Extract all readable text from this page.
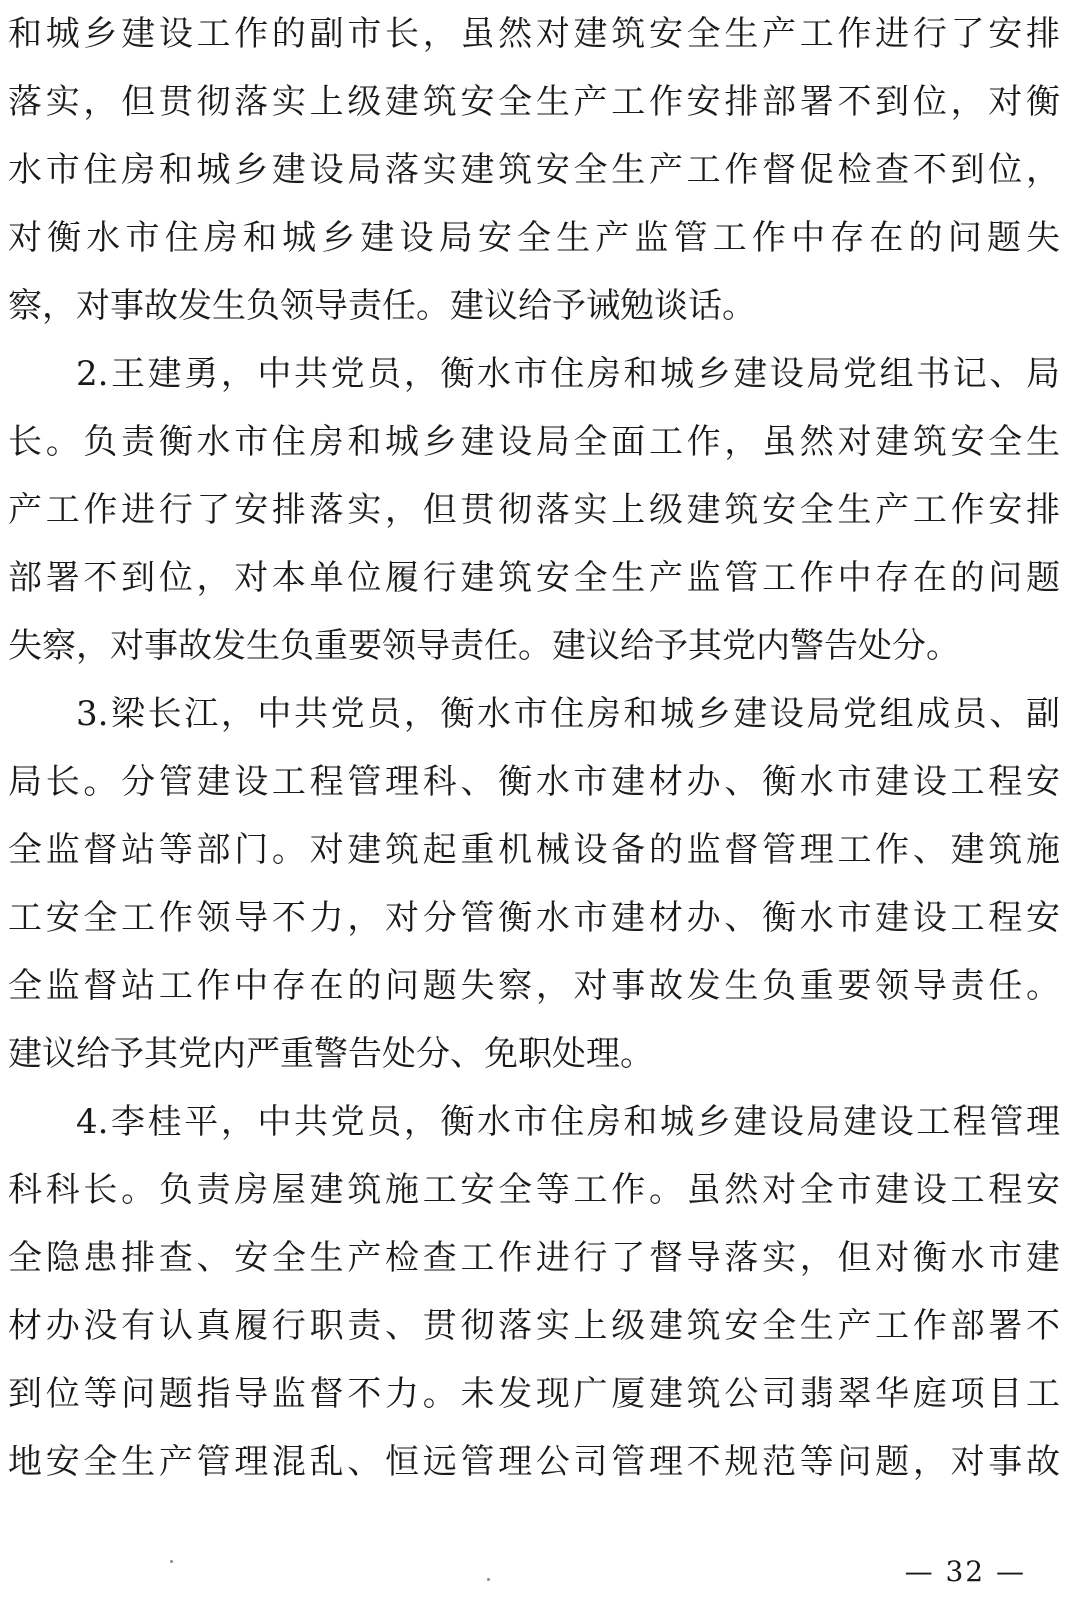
和城乡建设工作的副市长，虽然对建筑安全生产工作进行了安排
落实，但贯彻落实上级建筑安全生产工作安排部署不到位，对衡
水市住房和城乡建设局落实建筑安全生产工作督促检查不到位，
对衡水市住房和城乡建设局安全生产监管工作中存在的问题失
察，对事故发生负领导责任。建议给予诫勉谈话。
2.王建勇，中共党员，衡水市住房和城乡建设局党组书记、局
长。负责衡水市住房和城乡建设局全面工作，虽然对建筑安全生
产工作进行了安排落实，但贯彻落实上级建筑安全生产工作安排
部署不到位，对本单位履行建筑安全生产监管工作中存在的问题
失察，对事故发生负重要领导责任。建议给予其党内警告处分。
3.梁长江，中共党员，衡水市住房和城乡建设局党组成员、副
局长。分管建设工程管理科、衡水市建材办、衡水市建设工程安
全监督站等部门。对建筑起重机械设备的监督管理工作、建筑施
工安全工作领导不力，对分管衡水市建材办、衡水市建设工程安
全监督站工作中存在的问题失察，对事故发生负重要领导责任。
建议给予其党内严重警告处分、免职处理。
4.李桂平，中共党员，衡水市住房和城乡建设局建设工程管理
科科长。负责房屋建筑施工安全等工作。虽然对全市建设工程安
全隐患排查、安全生产检查工作进行了督导落实，但对衡水市建
材办没有认真履行职责、贯彻落实上级建筑安全生产工作部署不
到位等问题指导监督不力。未发现广厦建筑公司翡翠华庭项目工
地安全生产管理混乱、恒远管理公司管理不规范等问题，对事故
— 32 —
